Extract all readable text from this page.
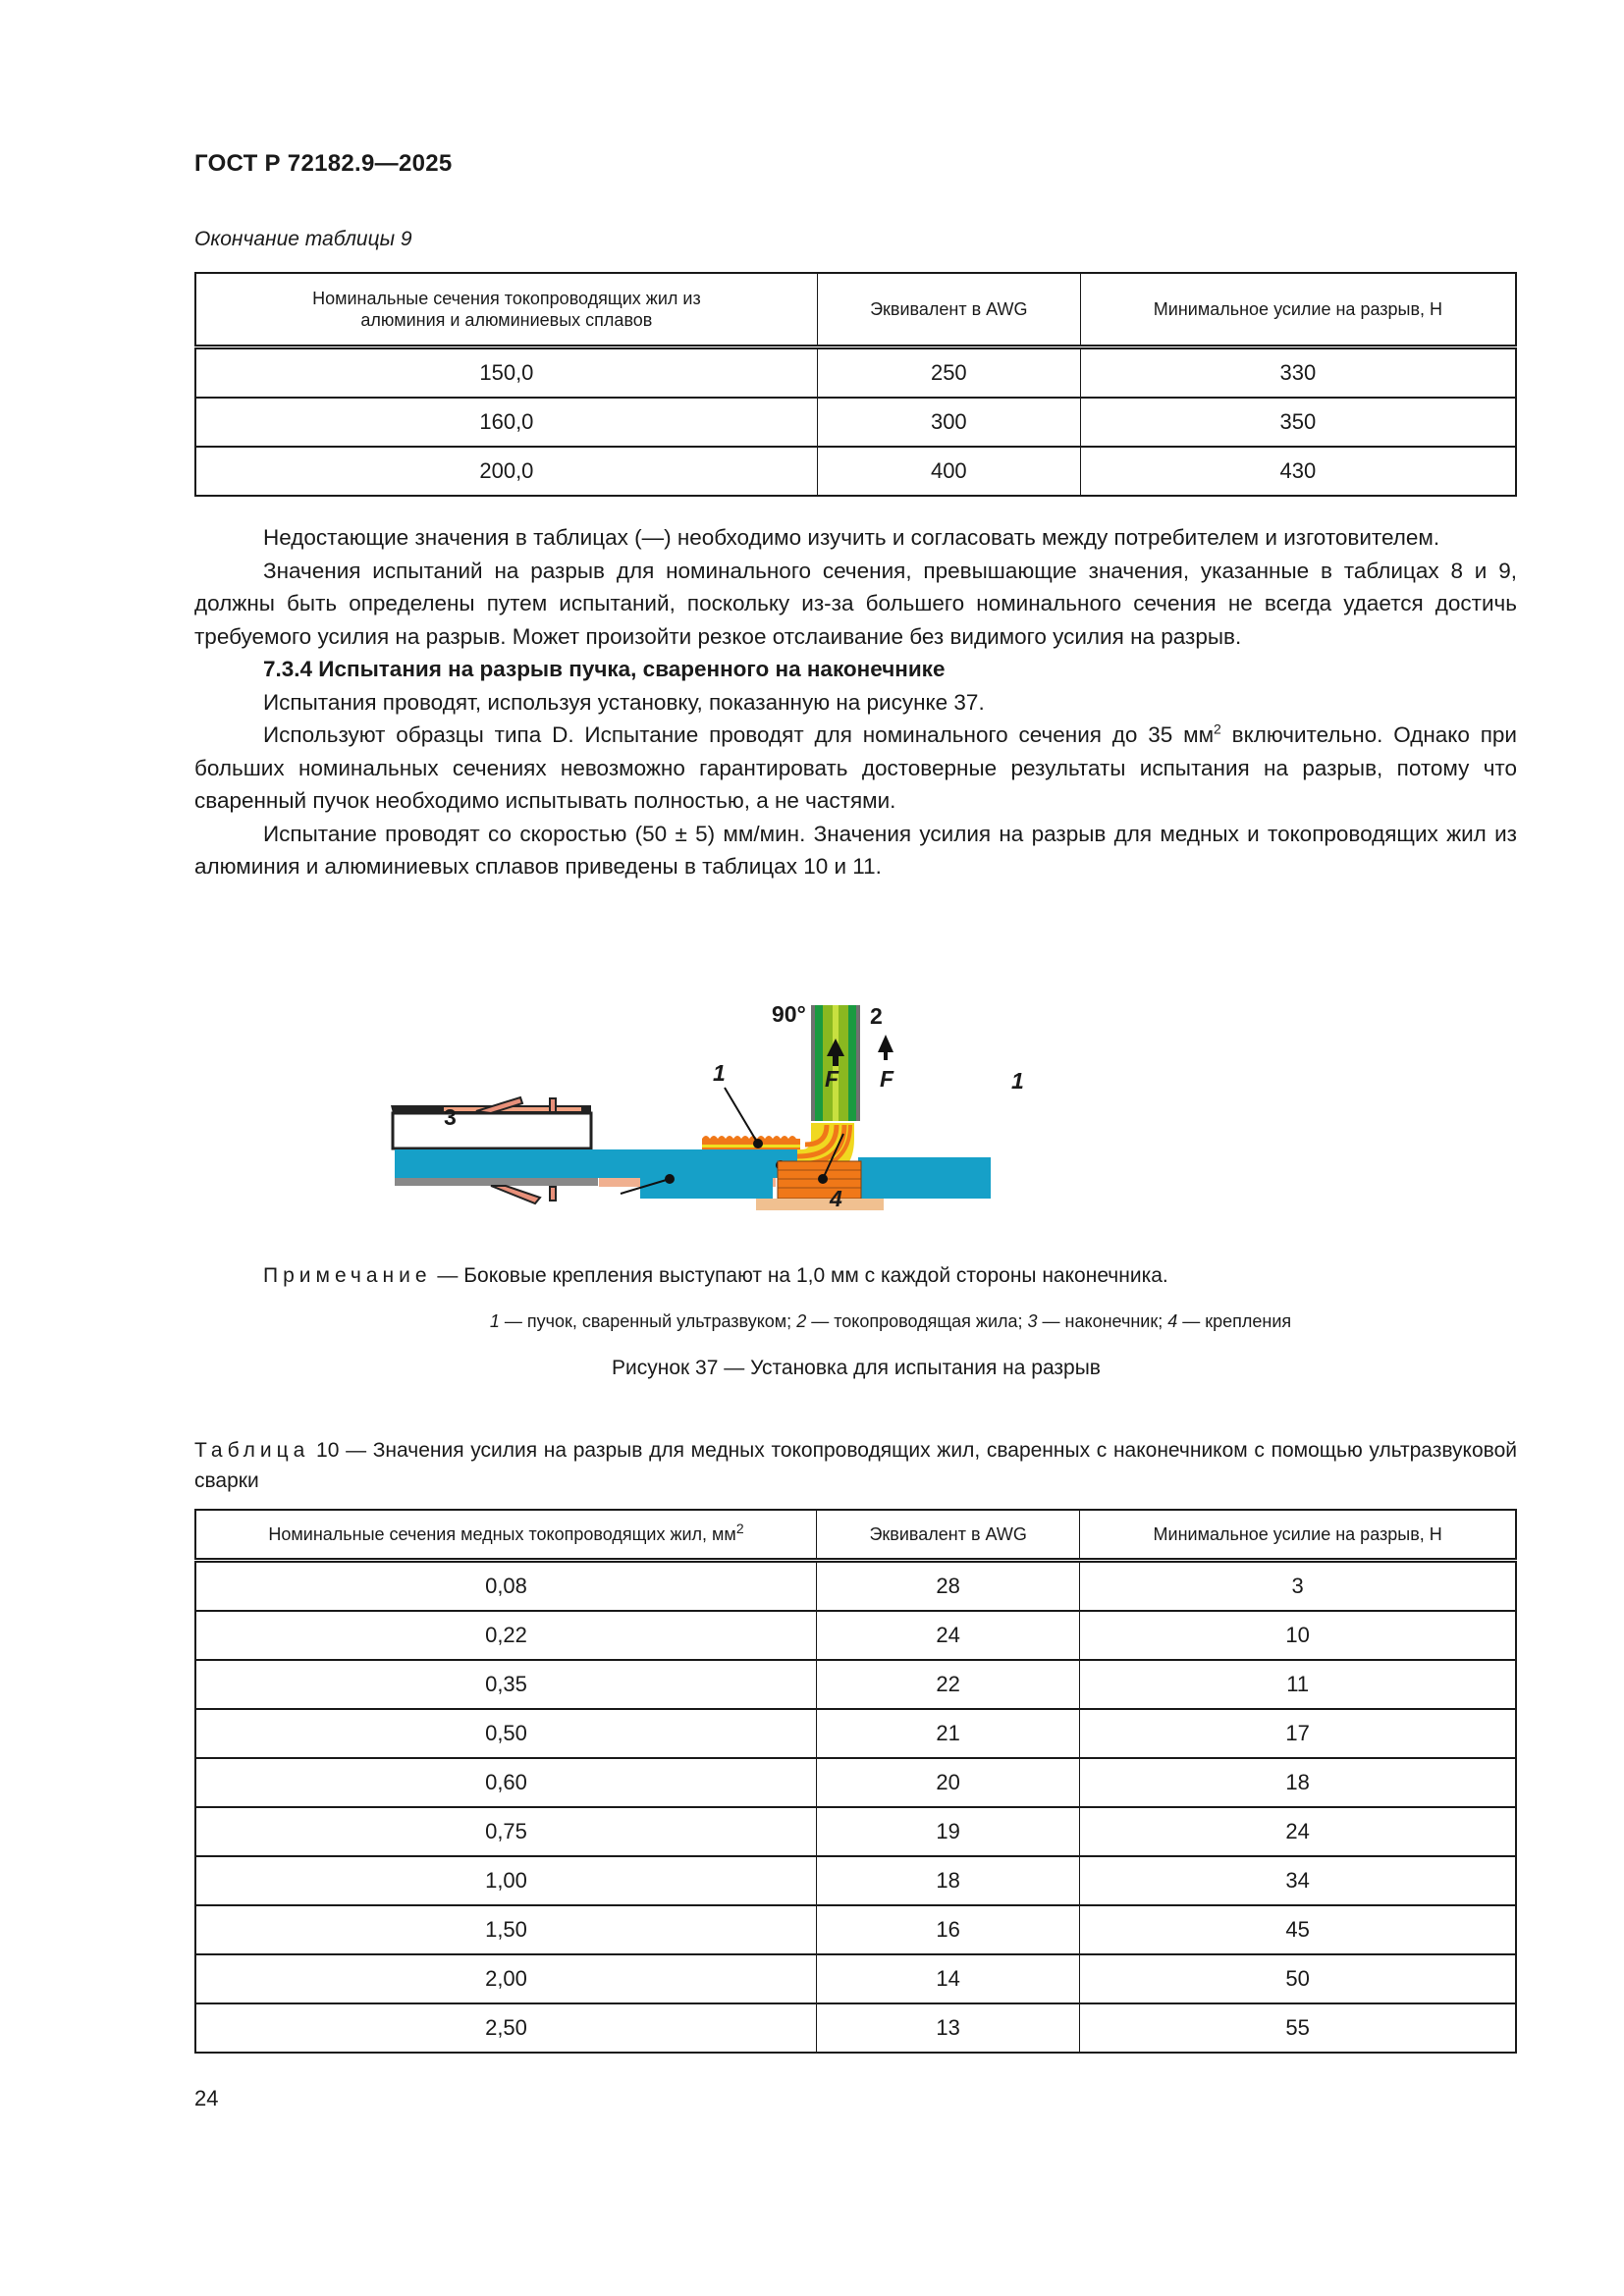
ГОСТ Р 72182.9—2025
Окончание таблицы 9
Номинальные сечения токопроводящих жил из алюминия и алюминиевых сплавов	Эквивалент в AWG	Минимальное усилие на разрыв, Н
150,0	250	330
160,0	300	350
200,0	400	430

Недостающие значения в таблицах (—) необходимо изучить и согласовать между потребителем и изготовителем.

Значения испытаний на разрыв для номинального сечения, превышающие значения, указанные в таблицах 8 и 9, должны быть определены путем испытаний, поскольку из-за большего номинального сечения не всегда удается достичь требуемого усилия на разрыв. Может произойти резкое отслаивание без видимого усилия на разрыв.

7.3.4 Испытания на разрыв пучка, сваренного на наконечнике

Испытания проводят, используя установку, показанную на рисунке 37.

Используют образцы типа D. Испытание проводят для номинального сечения до 35 $мм^2$ включительно. Однако при больших номинальных сечениях невозможно гарантировать достоверные результаты испытания на разрыв, потому что сваренный пучок необходимо испытывать полностью, а не частями.

Испытание проводят со скоростью (50 ± 5) мм/мин. Значения усилия на разрыв для медных и токопроводящих жил из алюминия и алюминиевых сплавов приведены в таблицах 10 и 11.

90°	2
1
3
4
F	1
F
Примечание — Боковые крепления выступают на 1,0 мм с каждой стороны наконечника.
1 — пучок, сваренный ультразвуком; 2 — токопроводящая жила; 3 — наконечник; 4 — крепления
Рисунок 37 — Установка для испытания на разрыв
Таблица 10 — Значения усилия на разрыв для медных токопроводящих жил, сваренных с наконечником с помощью ультразвуковой сварки
Номинальные сечения медных токопроводящих жил, $мм^2$	Эквивалент в AWG	Минимальное усилие на разрыв, Н
0,08	28	3
0,22	24	10
0,35	22	11
0,50	21	17
0,60	20	18
0,75	19	24
1,00	18	34
1,50	16	45
2,00	14	50
2,50	13	55
24
